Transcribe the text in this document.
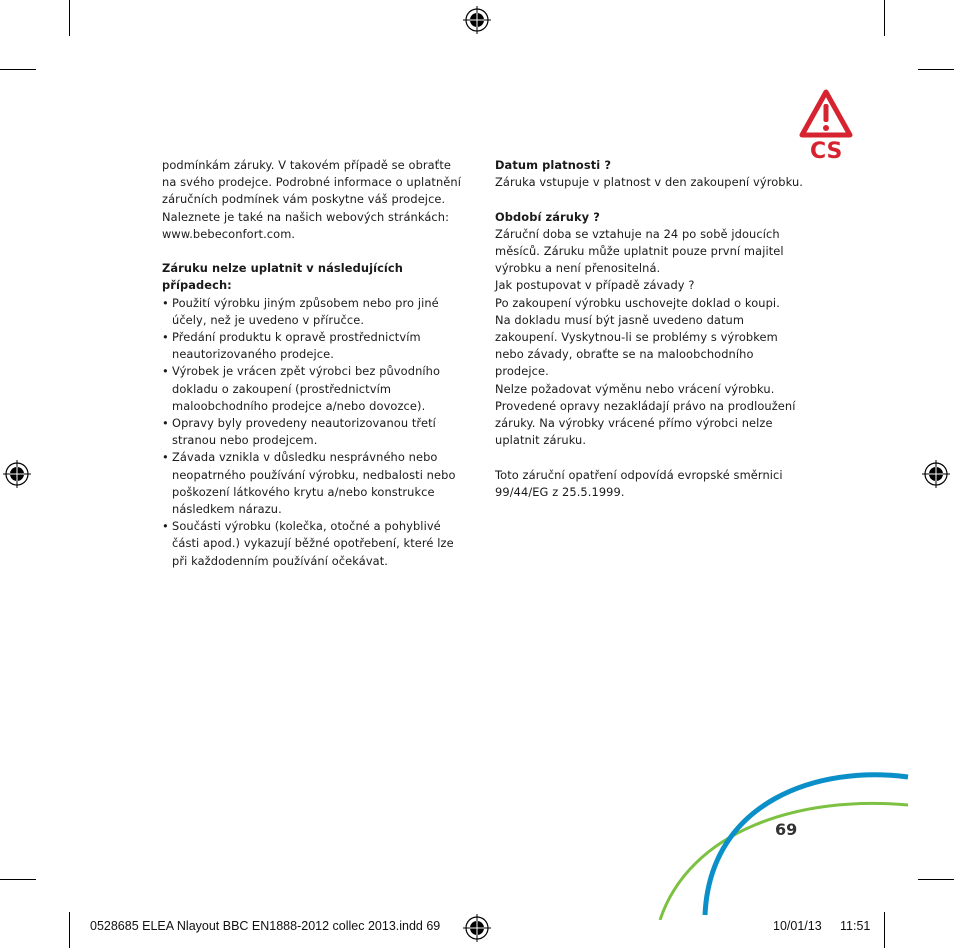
CS

podmínkám záruky. V takovém případě se obraťte na svého prodejce. Podrobné informace o uplatnění záručních podmínek vám poskytne váš prodejce. Naleznete je také na našich webových stránkách: www.bebeconfort.com.

Záruku nelze uplatnit v následujících případech:

• Použití výrobku jiným způsobem nebo pro jiné účely, než je uvedeno v příručce.
• Předání produktu k opravě prostřednictvím neautorizovaného prodejce.
• Výrobek je vrácen zpět výrobci bez původního dokladu o zakoupení (prostřednictvím maloobchodního prodejce a/nebo dovozce).
• Opravy byly provedeny neautorizovanou třetí stranou nebo prodejcem.
• Závada vznikla v důsledku nesprávného nebo neopatrného používání výrobku, nedbalosti nebo poškození látkového krytu a/nebo konstrukce následkem nárazu.
• Součásti výrobku (kolečka, otočné a pohyblivé části apod.) vykazují běžné opotřebení, které lze při každodenním používání očekávat.

Datum platnosti ?

Záruka vstupuje v platnost v den zakoupení výrobku.

Období záruky ?

Záruční doba se vztahuje na 24 po sobě jdoucích měsíců. Záruku může uplatnit pouze první majitel výrobku a není přenositelná.

Jak postupovat v případě závady ?

Po zakoupení výrobku uschovejte doklad o koupi.

Na dokladu musí být jasně uvedeno datum zakoupení. Vyskytnou-li se problémy s výrobkem nebo závady, obraťte se na maloobchodního prodejce.

Nelze požadovat výměnu nebo vrácení výrobku. Provedené opravy nezakládají právo na prodloužení záruky. Na výrobky vrácené přímo výrobci nelze uplatnit záruku.

Toto záruční opatření odpovídá evropské směrnici 99/44/EG z 25.5.1999.

69
0528685 ELEA Nlayout BBC EN1888-2012 collec 2013.indd 69	10/01/13 11:51
